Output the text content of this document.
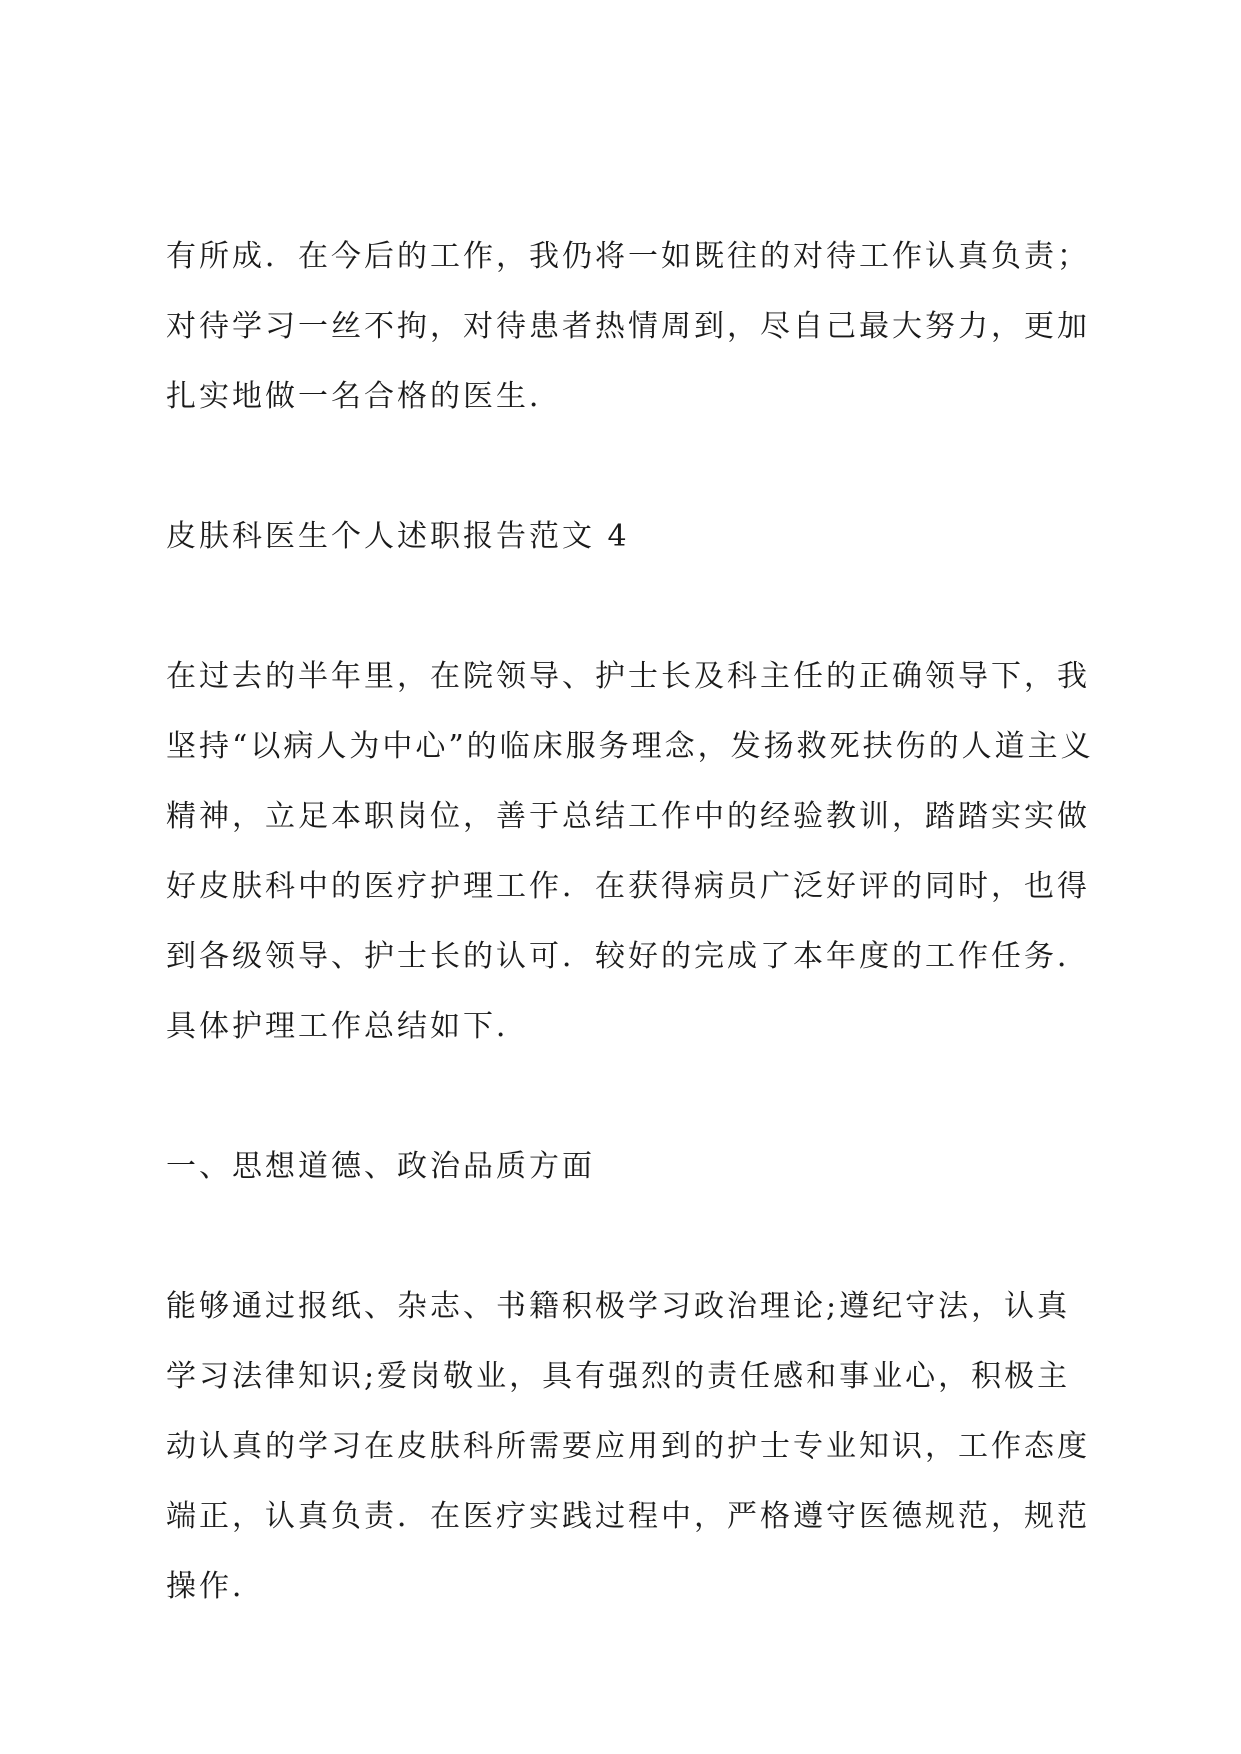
有所成．在今后的工作，我仍将一如既往的对待工作认真负责；对待学习一丝不拘，对待患者热情周到，尽自己最大努力，更加扎实地做一名合格的医生．

皮肤科医生个人述职报告范文 4

在过去的半年里，在院领导、护士长及科主任的正确领导下，我坚持“以病人为中心”的临床服务理念，发扬救死扶伤的人道主义精神，立足本职岗位，善于总结工作中的经验教训，踏踏实实做好皮肤科中的医疗护理工作．在获得病员广泛好评的同时，也得到各级领导、护士长的认可．较好的完成了本年度的工作任务．具体护理工作总结如下．

一、思想道德、政治品质方面

能够通过报纸、杂志、书籍积极学习政治理论;遵纪守法，认真学习法律知识;爱岗敬业，具有强烈的责任感和事业心，积极主动认真的学习在皮肤科所需要应用到的护士专业知识，工作态度端正，认真负责．在医疗实践过程中，严格遵守医德规范，规范操作．
